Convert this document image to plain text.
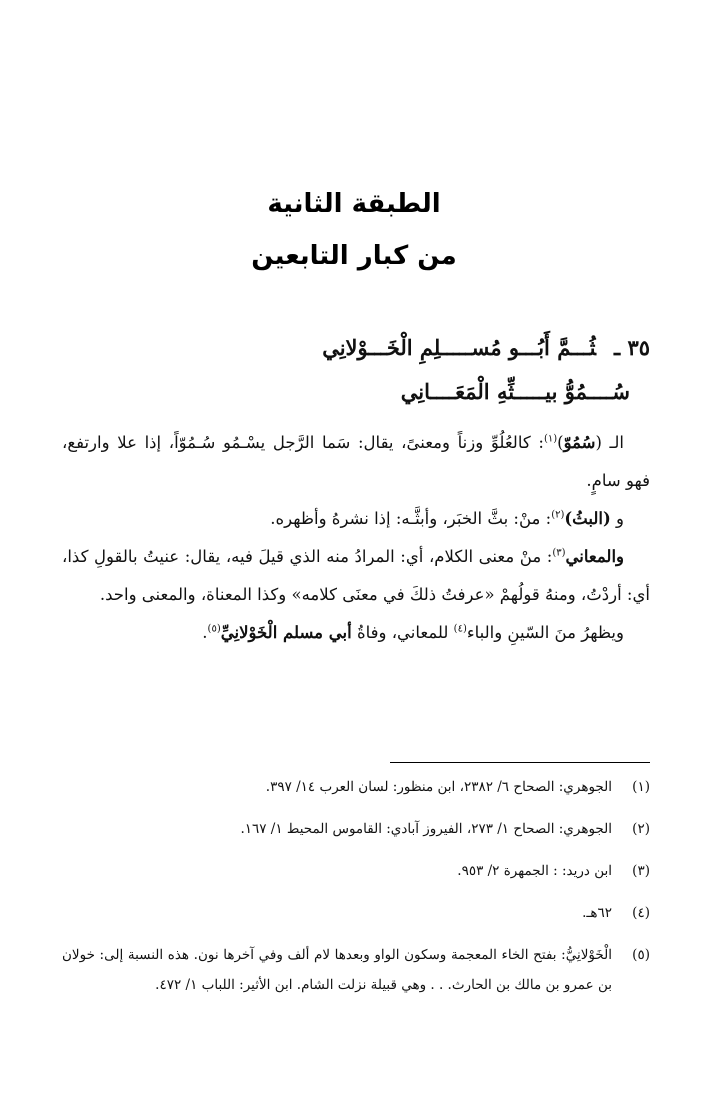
الطبقة الثانية
من كبار التابعين
٣٥ ـثُـــمَّ أَبُـــو مُســـــلِمِ الْخَـــوْلانِي
سُــــمُوُّ بيـــــثِّهِ الْمَعَــــانِي

الـ (سُمُوّ)$^{(١)}$: كالعُلُوِّ وزناً ومعنىً، يقال: سَما الرَّجل يسْـمُو سُـمُوّاً، إذا علا وارتفع، فهو سامٍ.

و (البثُ)$^{(٢)}$: منْ: بثَّ الخبَر، وأبثَّـه: إذا نشرهُ وأظهره.

والمعاني$^{(٣)}$: منْ معنى الكلام، أي: المرادُ منه الذي قيلَ فيه، يقال: عنيتُ بالقولِ كذا، أي: أردْتُ، ومنهُ قولُهمْ «عرفتُ ذلكَ في معنَى كلامه» وكذا المعناة، والمعنى واحد.

ويظهرُ منَ السّينِ والباء$^{(٤)}$ للمعاني، وفاةُ أبي مسلم الْخَوْلانِيِّ$^{(٥)}$.

(١)
الجوهري: الصحاح ٦/ ٢٣٨٢، ابن منظور: لسان العرب ١٤/ ٣٩٧.
(٢)
الجوهري: الصحاح ١/ ٢٧٣، الفيروز آبادي: القاموس المحيط ١/ ١٦٧.
(٣)
ابن دريد: : الجمهرة ٢/ ٩٥٣.
(٤)
٦٢هـ.
(٥)
الْخَوْلانِيُّ: بفتح الخاء المعجمة وسكون الواو وبعدها لام ألف وفي آخرها نون. هذه النسبة إلى: خولان بن عمرو بن مالك بن الحارث. . . وهي قبيلة نزلت الشام. ابن الأثير: اللباب ١/ ٤٧٢.
